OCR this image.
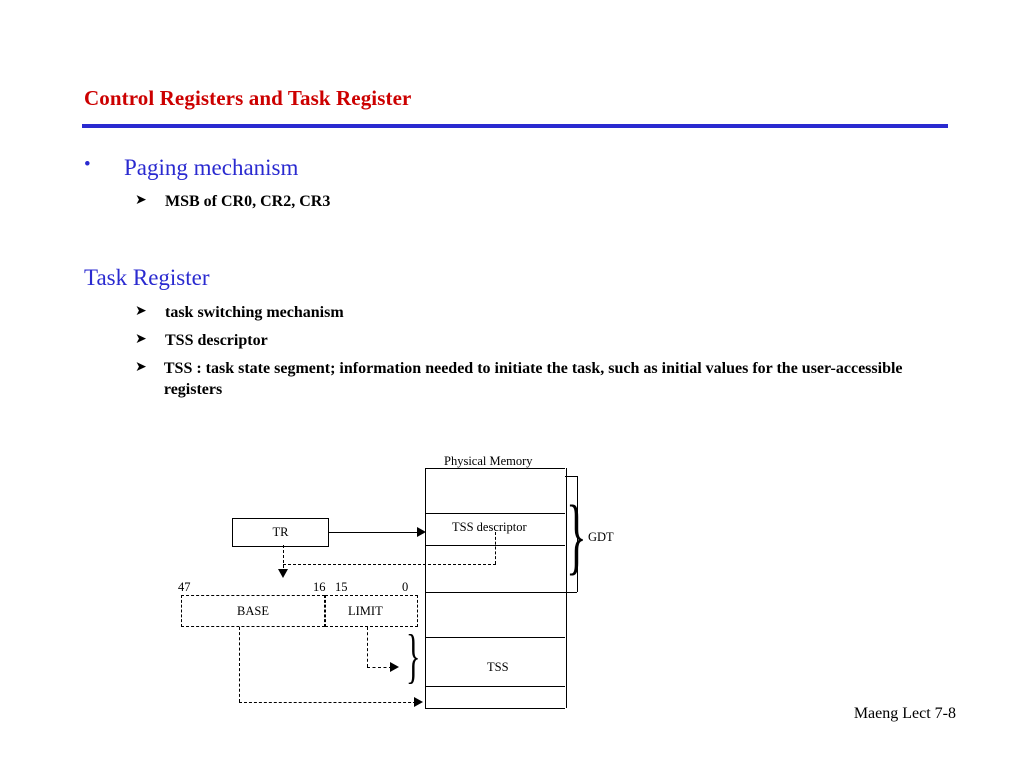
Control Registers and Task Register
•	Paging mechanism
➤	MSB of CR0, CR2, CR3
Task Register
➤	task switching mechanism
➤	TSS descriptor
➤	TSS : task state segment; information needed to initiate the task, such as initial values for the user-accessible registers
Physical Memory
TSS descriptor
TSS
} GDT
}
TR
BASE	LIMIT
47	16 15	0
Maeng Lect 7-8
